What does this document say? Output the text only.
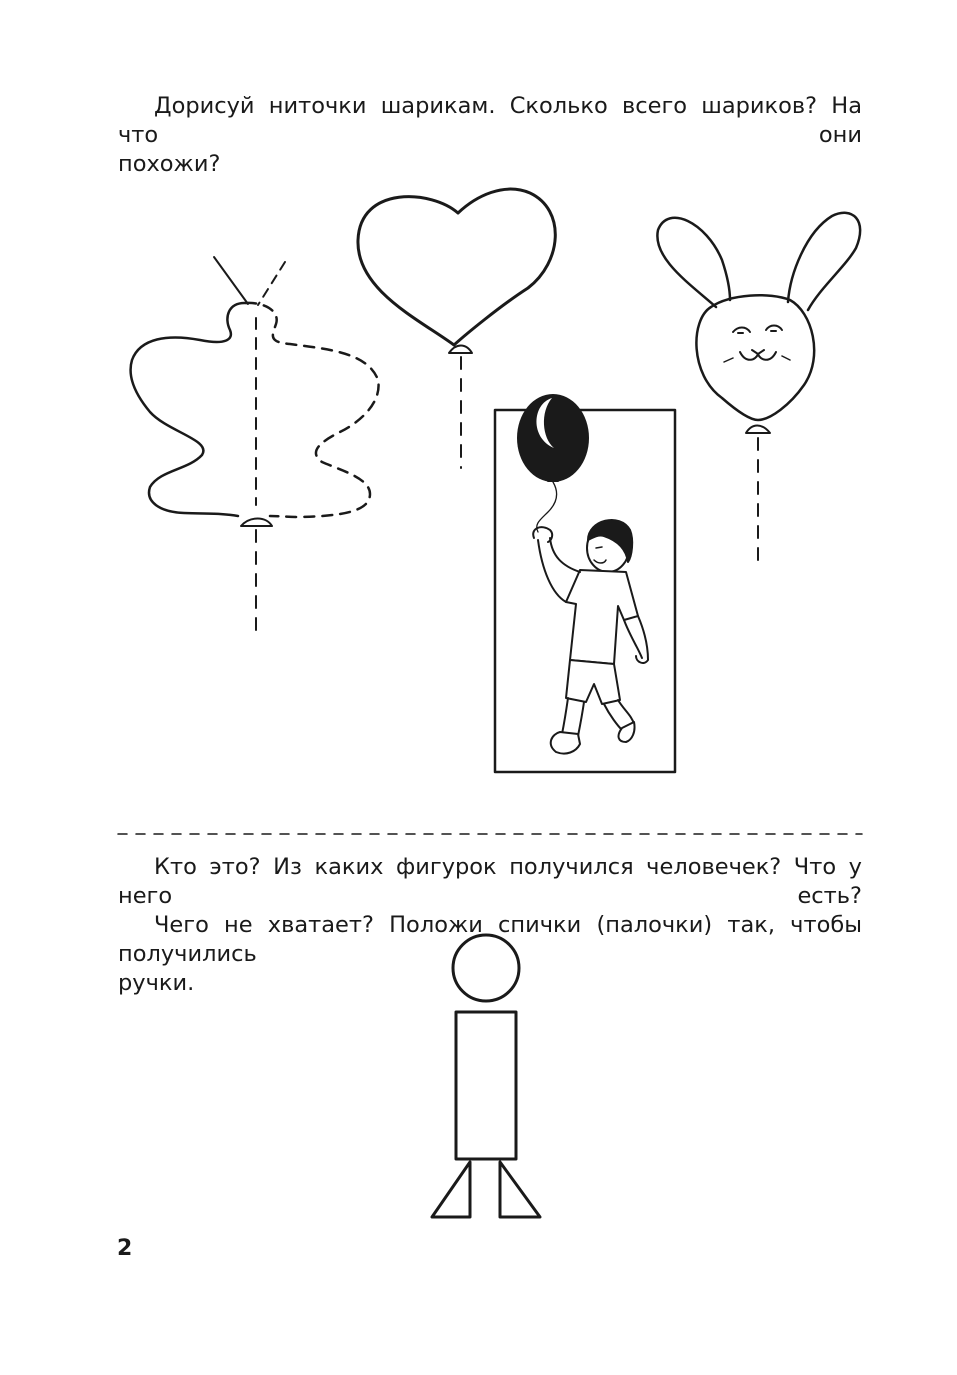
Дорисуй ниточки шарикам. Сколько всего шариков? На что они
похожи?

Кто это? Из каких фигурок получился человечек? Что у него есть?
Чего не хватает? Положи спички (палочки) так, чтобы получились
ручки.

2
